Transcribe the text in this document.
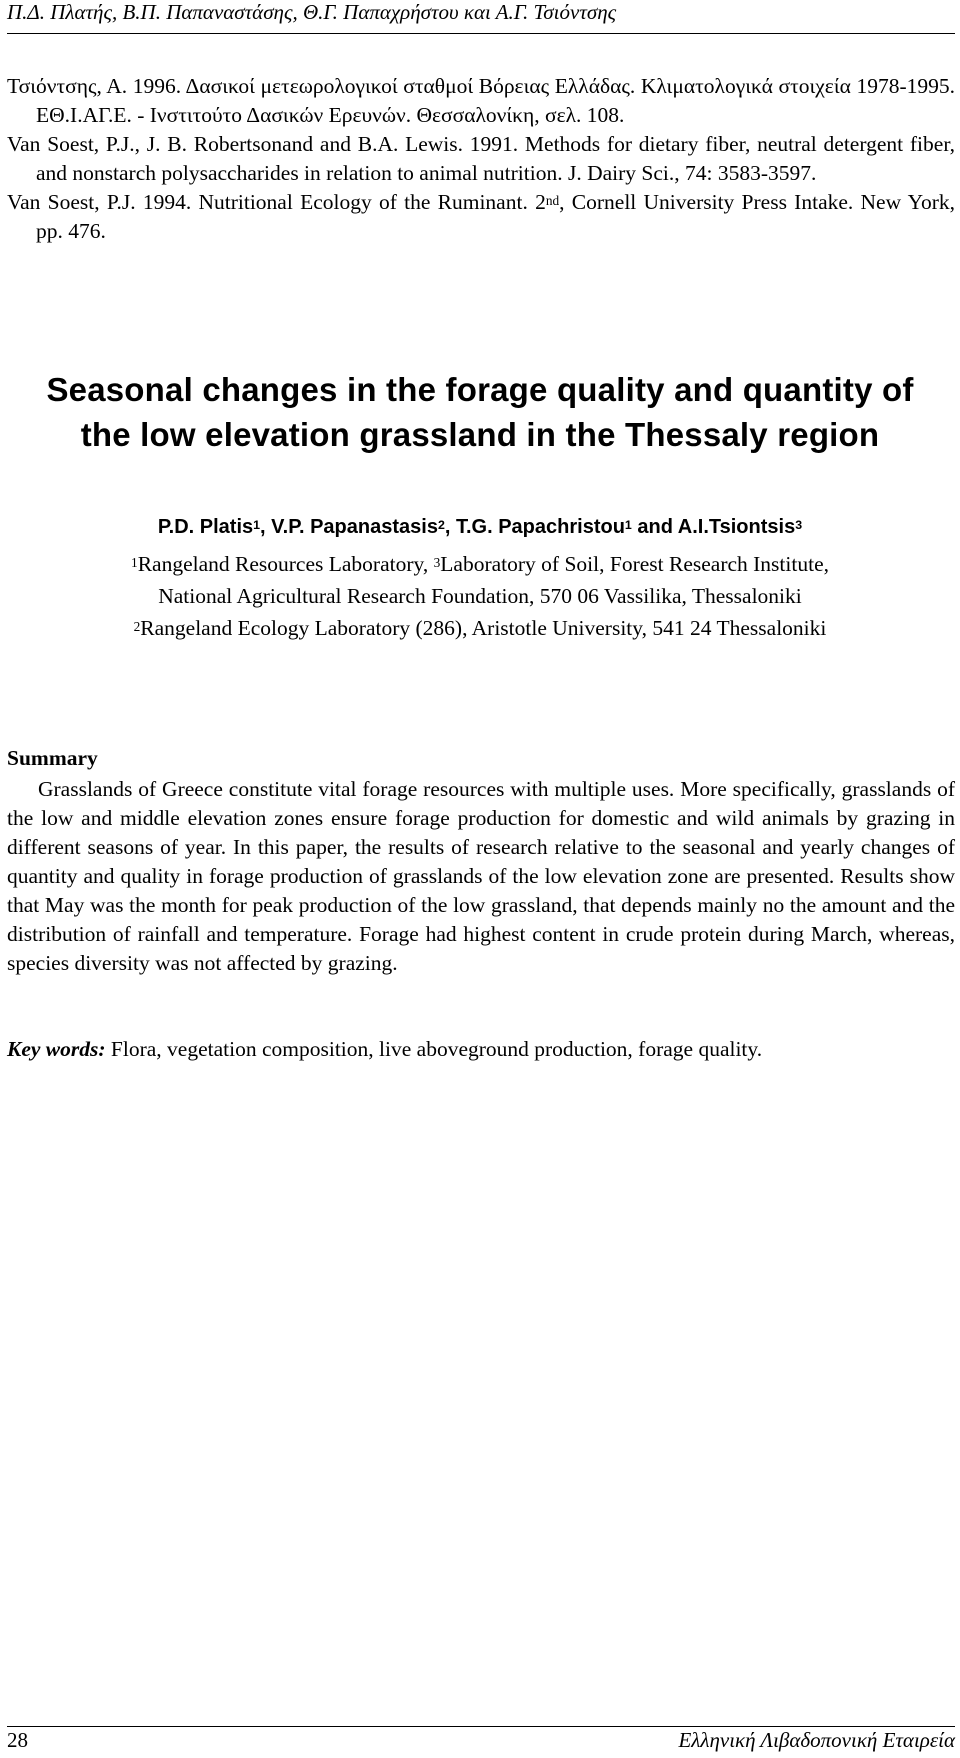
Π.Δ. Πλατής, Β.Π. Παπαναστάσης, Θ.Γ. Παπαχρήστου και Α.Γ. Τσιόντσης

Τσιόντσης, Α. 1996. Δασικοί μετεωρολογικοί σταθμοί Βόρειας Ελλάδας. Κλιματολογικά στοιχεία 1978-1995. ΕΘ.Ι.ΑΓ.Ε. - Ινστιτούτο Δασικών Ερευνών. Θεσσαλονίκη, σελ. 108.

Van Soest, P.J., J. B. Robertsonand and B.A. Lewis. 1991. Methods for dietary fiber, neutral detergent fiber, and nonstarch polysaccharides in relation to animal nutrition. J. Dairy Sci., 74: 3583-3597.

Van Soest, P.J. 1994. Nutritional Ecology of the Ruminant. 2nd, Cornell University Press Intake. New York, pp. 476.

Seasonal changes in the forage quality and quantity of
the low elevation grassland in the Thessaly region
P.D. Platis$^1$, V.P. Papanastasis$^2$, T.G. Papachristou$^1$ and A.I.Tsiontsis$^3$
$^1$Rangeland Resources Laboratory, $^3$Laboratory of Soil, Forest Research Institute,
National Agricultural Research Foundation, 570 06 Vassilika, Thessaloniki
$^2$Rangeland Ecology Laboratory (286), Aristotle University, 541 24 Thessaloniki
Summary

Grasslands of Greece constitute vital forage resources with multiple uses. More specifically, grasslands of the low and middle elevation zones ensure forage production for domestic and wild animals by grazing in different seasons of year. In this paper, the results of research relative to the seasonal and yearly changes of quantity and quality in forage production of grasslands of the low elevation zone are presented. Results show that May was the month for peak production of the low grassland, that depends mainly no the amount and the distribution of rainfall and temperature. Forage had highest content in crude protein during March, whereas, species diversity was not affected by grazing.

Key words: Flora, vegetation composition, live aboveground production, forage quality.

28	Ελληνική Λιβαδοπονική Εταιρεία
